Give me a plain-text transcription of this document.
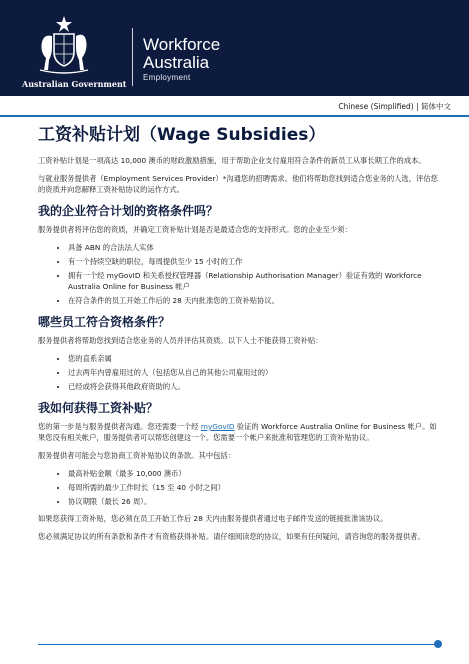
Australian Government
Workforce
Australia
Employment
Chinese (Simplified) | 简体中文
工资补贴计划（Wage Subsidies）

工资补贴计划是一项高达 10,000 澳币的财政激励措施，用于帮助企业支付雇用符合条件的新员工从事长期工作的成本。

与就业服务提供者（Employment Services Provider）*沟通您的招聘需求。他们将帮助您找到适合您业务的人选，评估您的资质并向您解释工资补贴协议的运作方式。

我的企业符合计划的资格条件吗？

服务提供者将评估您的资质，并确定工资补贴计划是否是最适合您的支持形式。您的企业至少须：

• 具备 ABN 的合法法人实体
• 有一个持续空缺的职位，每周提供至少 15 小时的工作
• 拥有一个经 myGovID 和关系授权管理器（Relationship Authorisation Manager）验证有效的 Workforce Australia Online for Business 帐户
• 在符合条件的员工开始工作后的 28 天内批准您的工资补贴协议。
哪些员工符合资格条件？

服务提供者将帮助您找到适合您业务的人员并评估其资质。以下人士不能获得工资补贴：

• 您的直系亲属
• 过去两年内曾雇用过的人（包括您从自己的其他公司雇用过的）
• 已经或将会获得其他政府资助的人。
我如何获得工资补贴？

您的第一步是与服务提供者沟通。您还需要一个经 myGovID 验证的 Workforce Australia Online for Business 帐户。如果您没有相关帐户，服务提供者可以帮您创建这一个。您需要一个帐户来批准和管理您的工资补贴协议。

服务提供者可能会与您协商工资补贴协议的条款。其中包括：

• 最高补贴金额（最多 10,000 澳币）
• 每周所需的最少工作时长（15 至 40 小时之间）
• 协议期限（最长 26 周）。

如果您获得工资补贴，您必须在员工开始工作后 28 天内由服务提供者通过电子邮件发送的链接批准该协议。

您必须满足协议的所有条款和条件才有资格获得补贴。请仔细阅读您的协议，如果有任何疑问，请咨询您的服务提供者。
